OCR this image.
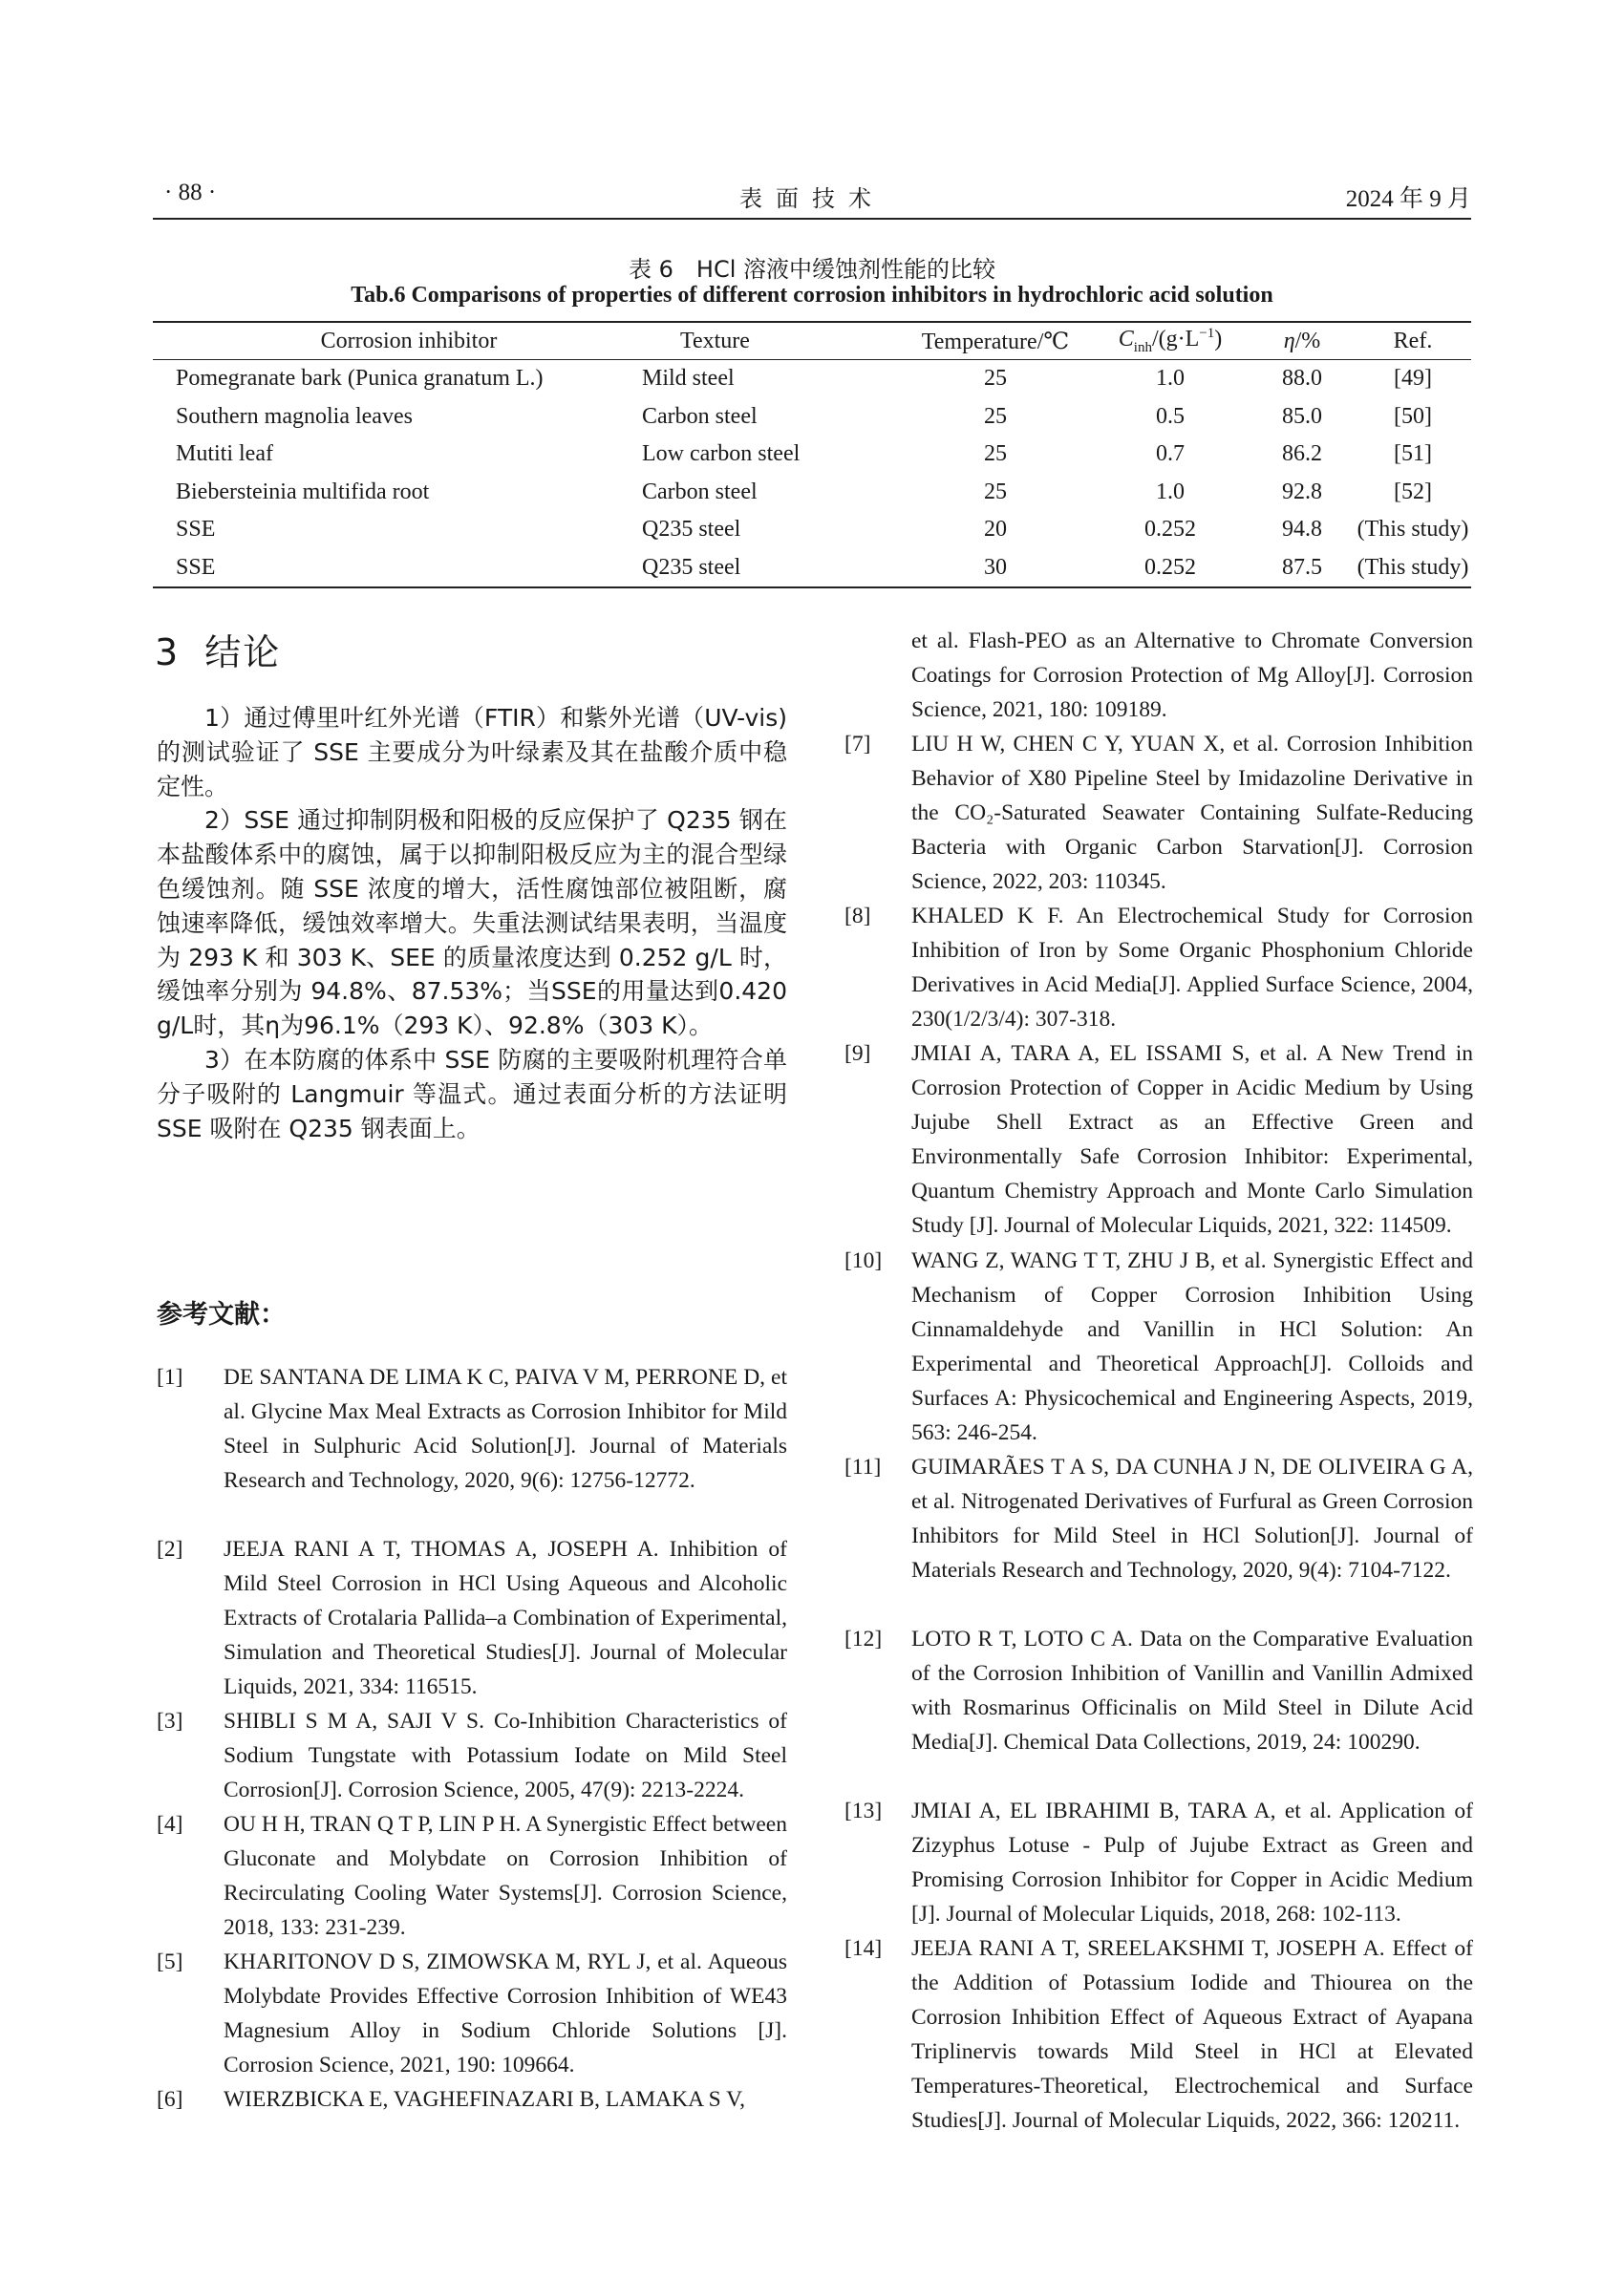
· 88 ·	表面技术	2024 年 9 月
表 6　HCl 溶液中缓蚀剂性能的比较
Tab.6 Comparisons of properties of different corrosion inhibitors in hydrochloric acid solution
Corrosion inhibitor	Texture	Temperature/℃	$C_{inh}/(g\cdot L^{-1})$	η/%	Ref.
Pomegranate bark (Punica granatum L.)	Mild steel	25	1.0	88.0	[49]
Southern magnolia leaves	Carbon steel	25	0.5	85.0	[50]
Mutiti leaf	Low carbon steel	25	0.7	86.2	[51]
Biebersteinia multifida root	Carbon steel	25	1.0	92.8	[52]
SSE	Q235 steel	20	0.252	94.8	(This study)
SSE	Q235 steel	30	0.252	87.5	(This study)
3 结论

1）通过傅里叶红外光谱（FTIR）和紫外光谱（UV-vis)的测试验证了 SSE 主要成分为叶绿素及其在盐酸介质中稳定性。

2）SSE 通过抑制阴极和阳极的反应保护了 Q235 钢在本盐酸体系中的腐蚀，属于以抑制阳极反应为主的混合型绿色缓蚀剂。随 SSE 浓度的增大，活性腐蚀部位被阻断，腐蚀速率降低，缓蚀效率增大。失重法测试结果表明，当温度为 293 K 和 303 K、SEE 的质量浓度达到 0.252 g/L 时，缓蚀率分别为 94.8%、87.53%；当SSE的用量达到0.420 g/L时，其η为96.1%（293 K）、92.8%（303 K）。

3）在本防腐的体系中 SSE 防腐的主要吸附机理符合单分子吸附的 Langmuir 等温式。通过表面分析的方法证明 SSE 吸附在 Q235 钢表面上。

参考文献：
[1] DE SANTANA DE LIMA K C, PAIVA V M, PERRONE D, et al. Glycine Max Meal Extracts as Corrosion Inhibitor for Mild Steel in Sulphuric Acid Solution[J]. Journal of Materials Research and Technology, 2020, 9(6): 12756-12772.
[2] JEEJA RANI A T, THOMAS A, JOSEPH A. Inhibition of Mild Steel Corrosion in HCl Using Aqueous and Alcoholic Extracts of Crotalaria Pallida–a Combination of Experimental, Simulation and Theoretical Studies[J]. Journal of Molecular Liquids, 2021, 334: 116515.
[3] SHIBLI S M A, SAJI V S. Co-Inhibition Characteristics of Sodium Tungstate with Potassium Iodate on Mild Steel Corrosion[J]. Corrosion Science, 2005, 47(9): 2213-2224.
[4] OU H H, TRAN Q T P, LIN P H. A Synergistic Effect between Gluconate and Molybdate on Corrosion Inhibition of Recirculating Cooling Water Systems[J]. Corrosion Science, 2018, 133: 231-239.
[5] KHARITONOV D S, ZIMOWSKA M, RYL J, et al. Aqueous Molybdate Provides Effective Corrosion Inhibition of WE43 Magnesium Alloy in Sodium Chloride Solutions [J]. Corrosion Science, 2021, 190: 109664.
[6] WIERZBICKA E, VAGHEFINAZARI B, LAMAKA S V,
et al. Flash-PEO as an Alternative to Chromate Conversion Coatings for Corrosion Protection of Mg Alloy[J]. Corrosion Science, 2021, 180: 109189.
[7] LIU H W, CHEN C Y, YUAN X, et al. Corrosion Inhibition Behavior of X80 Pipeline Steel by Imidazoline Derivative in the CO₂-Saturated Seawater Containing Sulfate-Reducing Bacteria with Organic Carbon Starvation[J]. Corrosion Science, 2022, 203: 110345.
[8] KHALED K F. An Electrochemical Study for Corrosion Inhibition of Iron by Some Organic Phosphonium Chloride Derivatives in Acid Media[J]. Applied Surface Science, 2004, 230(1/2/3/4): 307-318.
[9] JMIAI A, TARA A, EL ISSAMI S, et al. A New Trend in Corrosion Protection of Copper in Acidic Medium by Using Jujube Shell Extract as an Effective Green and Environmentally Safe Corrosion Inhibitor: Experimental, Quantum Chemistry Approach and Monte Carlo Simulation Study [J]. Journal of Molecular Liquids, 2021, 322: 114509.
[10] WANG Z, WANG T T, ZHU J B, et al. Synergistic Effect and Mechanism of Copper Corrosion Inhibition Using Cinnamaldehyde and Vanillin in HCl Solution: An Experimental and Theoretical Approach[J]. Colloids and Surfaces A: Physicochemical and Engineering Aspects, 2019, 563: 246-254.
[11] GUIMARÃES T A S, DA CUNHA J N, DE OLIVEIRA G A, et al. Nitrogenated Derivatives of Furfural as Green Corrosion Inhibitors for Mild Steel in HCl Solution[J]. Journal of Materials Research and Technology, 2020, 9(4): 7104-7122.
[12] LOTO R T, LOTO C A. Data on the Comparative Evaluation of the Corrosion Inhibition of Vanillin and Vanillin Admixed with Rosmarinus Officinalis on Mild Steel in Dilute Acid Media[J]. Chemical Data Collections, 2019, 24: 100290.
[13] JMIAI A, EL IBRAHIMI B, TARA A, et al. Application of Zizyphus Lotuse - Pulp of Jujube Extract as Green and Promising Corrosion Inhibitor for Copper in Acidic Medium [J]. Journal of Molecular Liquids, 2018, 268: 102-113.
[14] JEEJA RANI A T, SREELAKSHMI T, JOSEPH A. Effect of the Addition of Potassium Iodide and Thiourea on the Corrosion Inhibition Effect of Aqueous Extract of Ayapana Triplinervis towards Mild Steel in HCl at Elevated Temperatures-Theoretical, Electrochemical and Surface Studies[J]. Journal of Molecular Liquids, 2022, 366: 120211.
